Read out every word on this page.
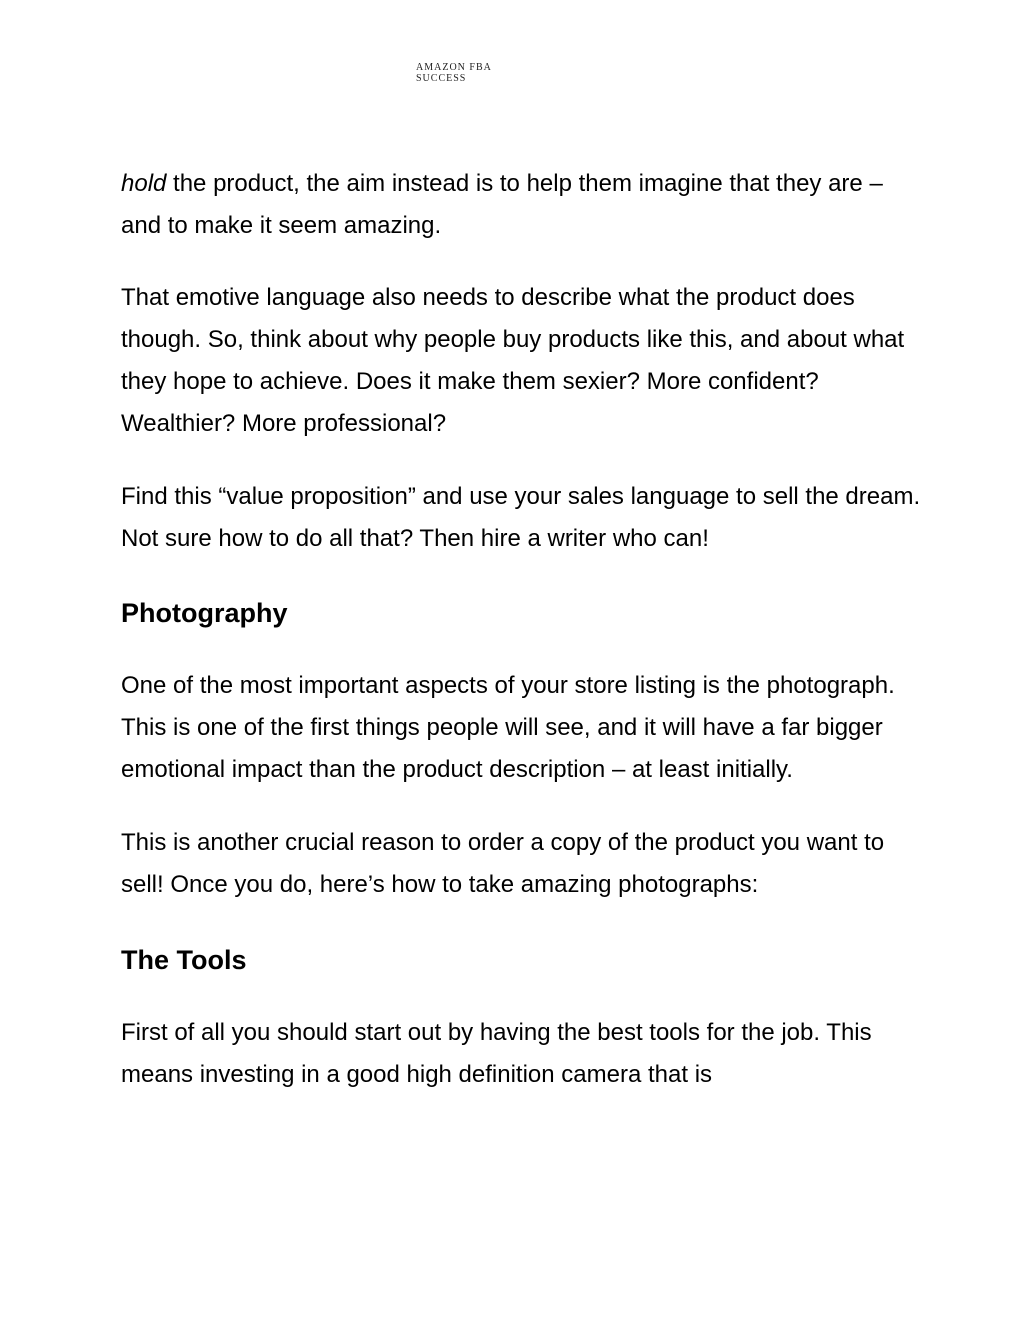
AMAZON FBA
SUCCESS

hold the product, the aim instead is to help them imagine that they are – and to make it seem amazing.

That emotive language also needs to describe what the product does though. So, think about why people buy products like this, and about what they hope to achieve. Does it make them sexier? More confident? Wealthier? More professional?

Find this “value proposition” and use your sales language to sell the dream. Not sure how to do all that? Then hire a writer who can!

Photography

One of the most important aspects of your store listing is the photograph. This is one of the first things people will see, and it will have a far bigger emotional impact than the product description – at least initially.

This is another crucial reason to order a copy of the product you want to sell! Once you do, here’s how to take amazing photographs:

The Tools

First of all you should start out by having the best tools for the job. This means investing in a good high definition camera that is
